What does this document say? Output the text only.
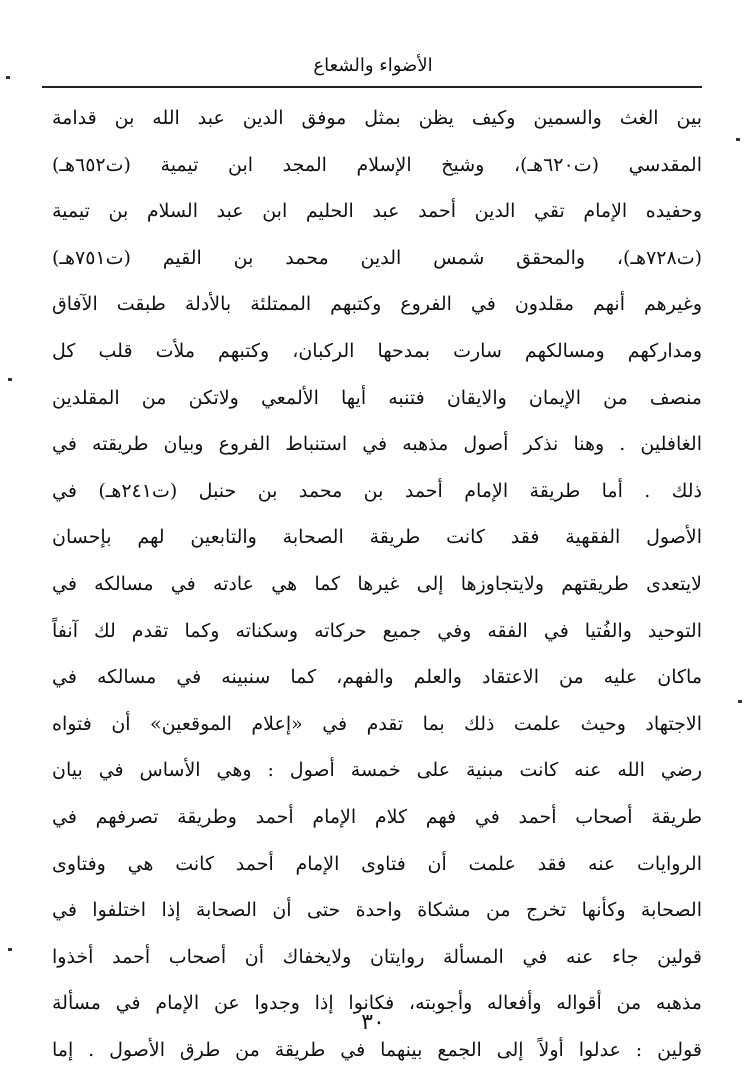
الأضواء والشعاع
بين الغث والسمين وكيف يظن بمثل موفق الدين عبد الله بن قدامة
المقدسي (ت٦٢٠هـ)، وشيخ الإسلام المجد ابن تيمية (ت٦٥٢هـ)
وحفيده الإمام تقي الدين أحمد عبد الحليم ابن عبد السلام بن تيمية
(ت٧٢٨هـ)، والمحقق شمس الدين محمد بن القيم (ت٧٥١هـ)
وغيرهم أنهم مقلدون في الفروع وكتبهم الممتلئة بالأدلة طبقت الآفاق
ومداركهم ومسالكهم سارت بمدحها الركبان، وكتبهم ملأت قلب كل
منصف من الإيمان والايقان فتنبه أيها الألمعي ولاتكن من المقلدين
الغافلين . وهنا نذكر أصول مذهبه في استنباط الفروع وبيان طريقته في
ذلك . أما طريقة الإمام أحمد بن محمد بن حنبل (ت٢٤١هـ) في
الأصول الفقهية فقد كانت طريقة الصحابة والتابعين لهم بإحسان
لايتعدى طريقتهم ولايتجاوزها إلى غيرها كما هي عادته في مسالكه في
التوحيد والفُتيا في الفقه وفي جميع حركاته وسكناته وكما تقدم لك آنفاً
ماكان عليه من الاعتقاد والعلم والفهم، كما سنبينه في مسالكه في
الاجتهاد وحيث علمت ذلك بما تقدم في «إعلام الموقعين» أن فتواه
رضي الله عنه كانت مبنية على خمسة أصول : وهي الأساس في بيان
طريقة أصحاب أحمد في فهم كلام الإمام أحمد وطريقة تصرفهم في
الروايات عنه فقد علمت أن فتاوى الإمام أحمد كانت هي وفتاوى
الصحابة وكأنها تخرج من مشكاة واحدة حتى أن الصحابة إذا اختلفوا في
قولين جاء عنه في المسألة روايتان ولايخفاك أن أصحاب أحمد أخذوا
مذهبه من أقواله وأفعاله وأجوبته، فكانوا إذا وجدوا عن الإمام في مسألة
قولين : عدلوا أولاً إلى الجمع بينهما في طريقة من طرق الأصول . إما
٣٠
